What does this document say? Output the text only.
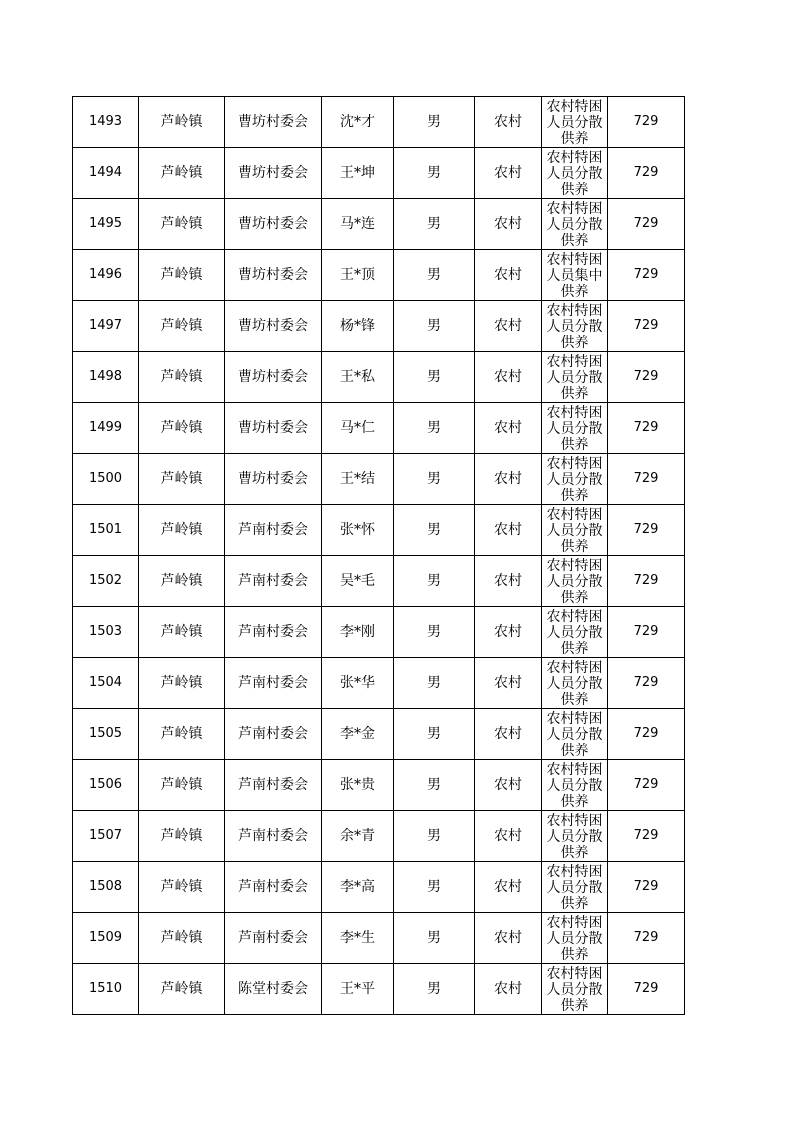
1493	芦岭镇	曹坊村委会	沈*才	男	农村	农村特困人员分散供养	729
1494	芦岭镇	曹坊村委会	王*坤	男	农村	农村特困人员分散供养	729
1495	芦岭镇	曹坊村委会	马*连	男	农村	农村特困人员分散供养	729
1496	芦岭镇	曹坊村委会	王*顶	男	农村	农村特困人员集中供养	729
1497	芦岭镇	曹坊村委会	杨*锋	男	农村	农村特困人员分散供养	729
1498	芦岭镇	曹坊村委会	王*私	男	农村	农村特困人员分散供养	729
1499	芦岭镇	曹坊村委会	马*仁	男	农村	农村特困人员分散供养	729
1500	芦岭镇	曹坊村委会	王*结	男	农村	农村特困人员分散供养	729
1501	芦岭镇	芦南村委会	张*怀	男	农村	农村特困人员分散供养	729
1502	芦岭镇	芦南村委会	吴*毛	男	农村	农村特困人员分散供养	729
1503	芦岭镇	芦南村委会	李*刚	男	农村	农村特困人员分散供养	729
1504	芦岭镇	芦南村委会	张*华	男	农村	农村特困人员分散供养	729
1505	芦岭镇	芦南村委会	李*金	男	农村	农村特困人员分散供养	729
1506	芦岭镇	芦南村委会	张*贵	男	农村	农村特困人员分散供养	729
1507	芦岭镇	芦南村委会	余*青	男	农村	农村特困人员分散供养	729
1508	芦岭镇	芦南村委会	李*高	男	农村	农村特困人员分散供养	729
1509	芦岭镇	芦南村委会	李*生	男	农村	农村特困人员分散供养	729
1510	芦岭镇	陈堂村委会	王*平	男	农村	农村特困人员分散供养	729
